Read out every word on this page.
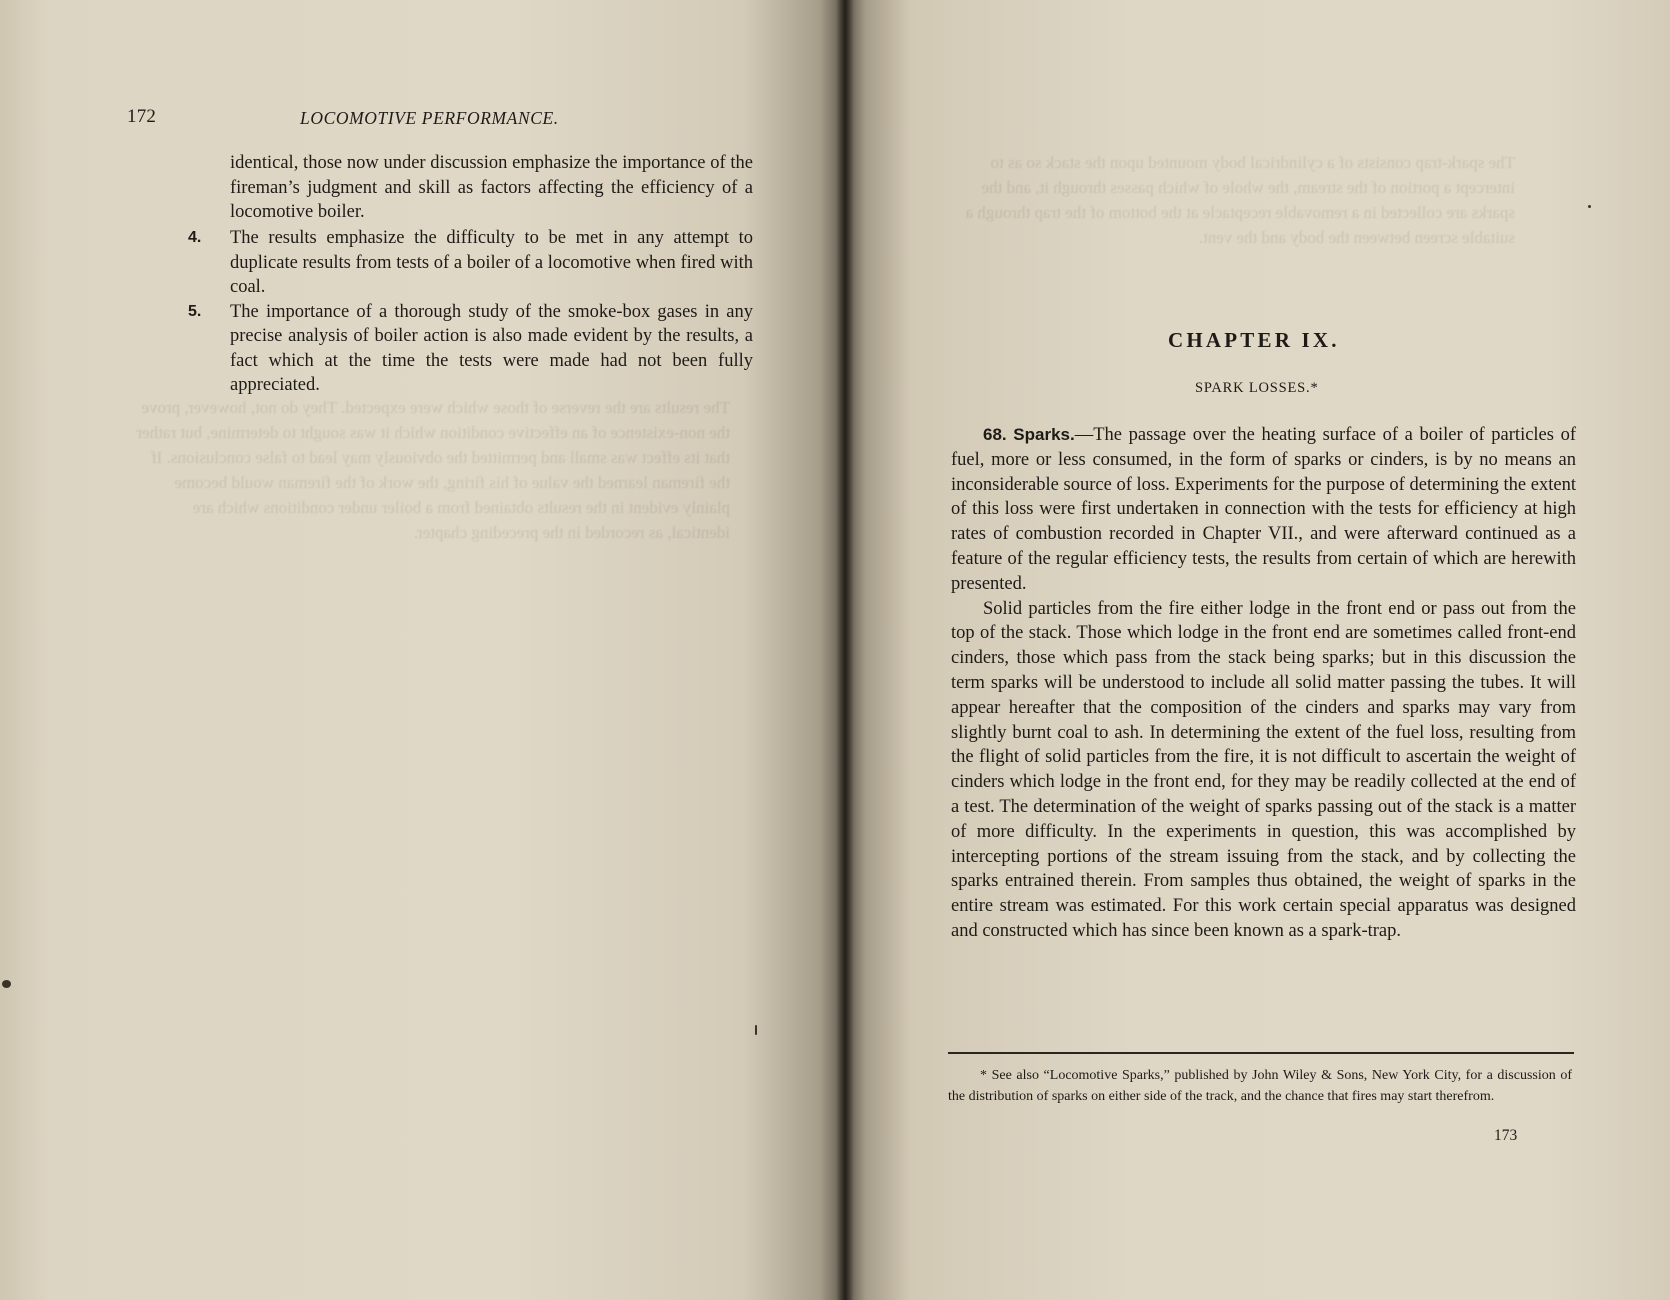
The results are the reverse of those which were expected. They do not, however, prove the non-existence of an effective condition which it was sought to determine, but rather that its effect was small and permitted the obviously may lead to false conclusions. If the fireman learned the value of his firing, the work of the fireman would become plainly evident in the results obtained from a boiler under conditions which are identical, as recorded in the preceding chapter.
The spark-trap consists of a cylindrical body mounted upon the stack so as to intercept a portion of the stream, the whole of which passes through it, and the sparks are collected in a removable receptacle at the bottom of the trap through a suitable screen between the body and the vent.
172	LOCOMOTIVE PERFORMANCE.

identical, those now under discussion emphasize the importance of the fireman’s judgment and skill as factors affecting the efficiency of a locomotive boiler.

4. The results emphasize the difficulty to be met in any attempt to duplicate results from tests of a boiler of a locomotive when fired with coal.
5. The importance of a thorough study of the smoke-box gases in any precise analysis of boiler action is also made evident by the results, a fact which at the time the tests were made had not been fully appreciated.
CHAPTER IX.
SPARK LOSSES.*

68. Sparks.—The passage over the heating surface of a boiler of particles of fuel, more or less consumed, in the form of sparks or cinders, is by no means an inconsiderable source of loss. Experiments for the purpose of determining the extent of this loss were first undertaken in connection with the tests for efficiency at high rates of combustion recorded in Chapter VII., and were afterward continued as a feature of the regular efficiency tests, the results from certain of which are herewith presented.

Solid particles from the fire either lodge in the front end or pass out from the top of the stack. Those which lodge in the front end are sometimes called front-end cinders, those which pass from the stack being sparks; but in this discussion the term sparks will be understood to include all solid matter passing the tubes. It will appear hereafter that the composition of the cinders and sparks may vary from slightly burnt coal to ash. In determining the extent of the fuel loss, resulting from the flight of solid particles from the fire, it is not difficult to ascertain the weight of cinders which lodge in the front end, for they may be readily collected at the end of a test. The determination of the weight of sparks passing out of the stack is a matter of more difficulty. In the experiments in question, this was accomplished by intercepting portions of the stream issuing from the stack, and by collecting the sparks entrained therein. From samples thus obtained, the weight of sparks in the entire stream was estimated. For this work certain special apparatus was designed and constructed which has since been known as a spark-trap.

* See also “Locomotive Sparks,” published by John Wiley & Sons, New York City, for a discussion of the distribution of sparks on either side of the track, and the chance that fires may start therefrom.

173
